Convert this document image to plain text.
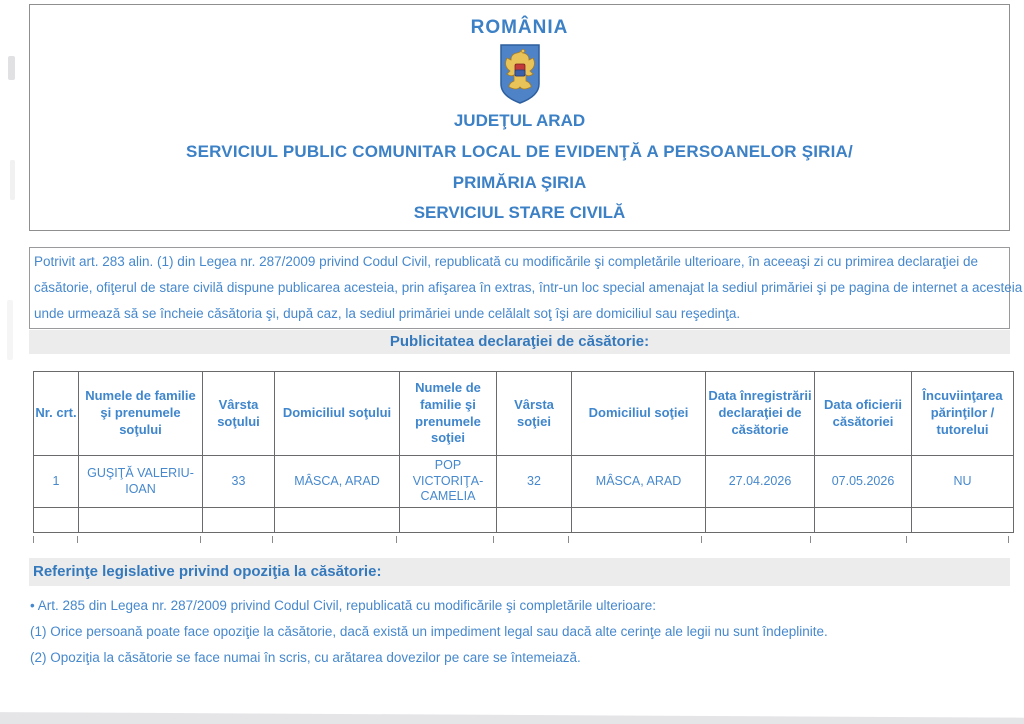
ROMÂNIA
JUDEŢUL ARAD
SERVICIUL PUBLIC COMUNITAR LOCAL DE EVIDENŢĂ A PERSOANELOR ŞIRIA/
PRIMĂRIA ŞIRIA
SERVICIUL STARE CIVILĂ
Potrivit art. 283 alin. (1) din Legea nr. 287/2009 privind Codul Civil, republicată cu modificările şi completările ulterioare, în aceeaşi zi cu primirea declaraţiei de
căsătorie, ofiţerul de stare civilă dispune publicarea acesteia, prin afişarea în extras, într-un loc special amenajat la sediul primăriei şi pe pagina de internet a acesteia
unde urmează să se încheie căsătoria şi, după caz, la sediul primăriei unde celălalt soţ îşi are domiciliul sau reşedinţa.
Publicitatea declaraţiei de căsătorie:
Nr. crt.	Numele de familie şi prenumele soţului	Vârsta soţului	Domiciliul soţului	Numele de familie şi prenumele soţiei	Vârsta soţiei	Domiciliul soţiei	Data înregistrării declaraţiei de căsătorie	Data oficierii căsătoriei	Încuviinţarea părinţilor / tutorelui
1	GUŞIŢĂ VALERIU-IOAN	33	MÂSCA, ARAD	POP VICTORIŢA-CAMELIA	32	MÂSCA, ARAD	27.04.2026	07.05.2026	NU

Referinţe legislative privind opoziţia la căsătorie:
• Art. 285 din Legea nr. 287/2009 privind Codul Civil, republicată cu modificările şi completările ulterioare:
(1) Orice persoană poate face opoziţie la căsătorie, dacă există un impediment legal sau dacă alte cerinţe ale legii nu sunt îndeplinite.
(2) Opoziţia la căsătorie se face numai în scris, cu arătarea dovezilor pe care se întemeiază.
